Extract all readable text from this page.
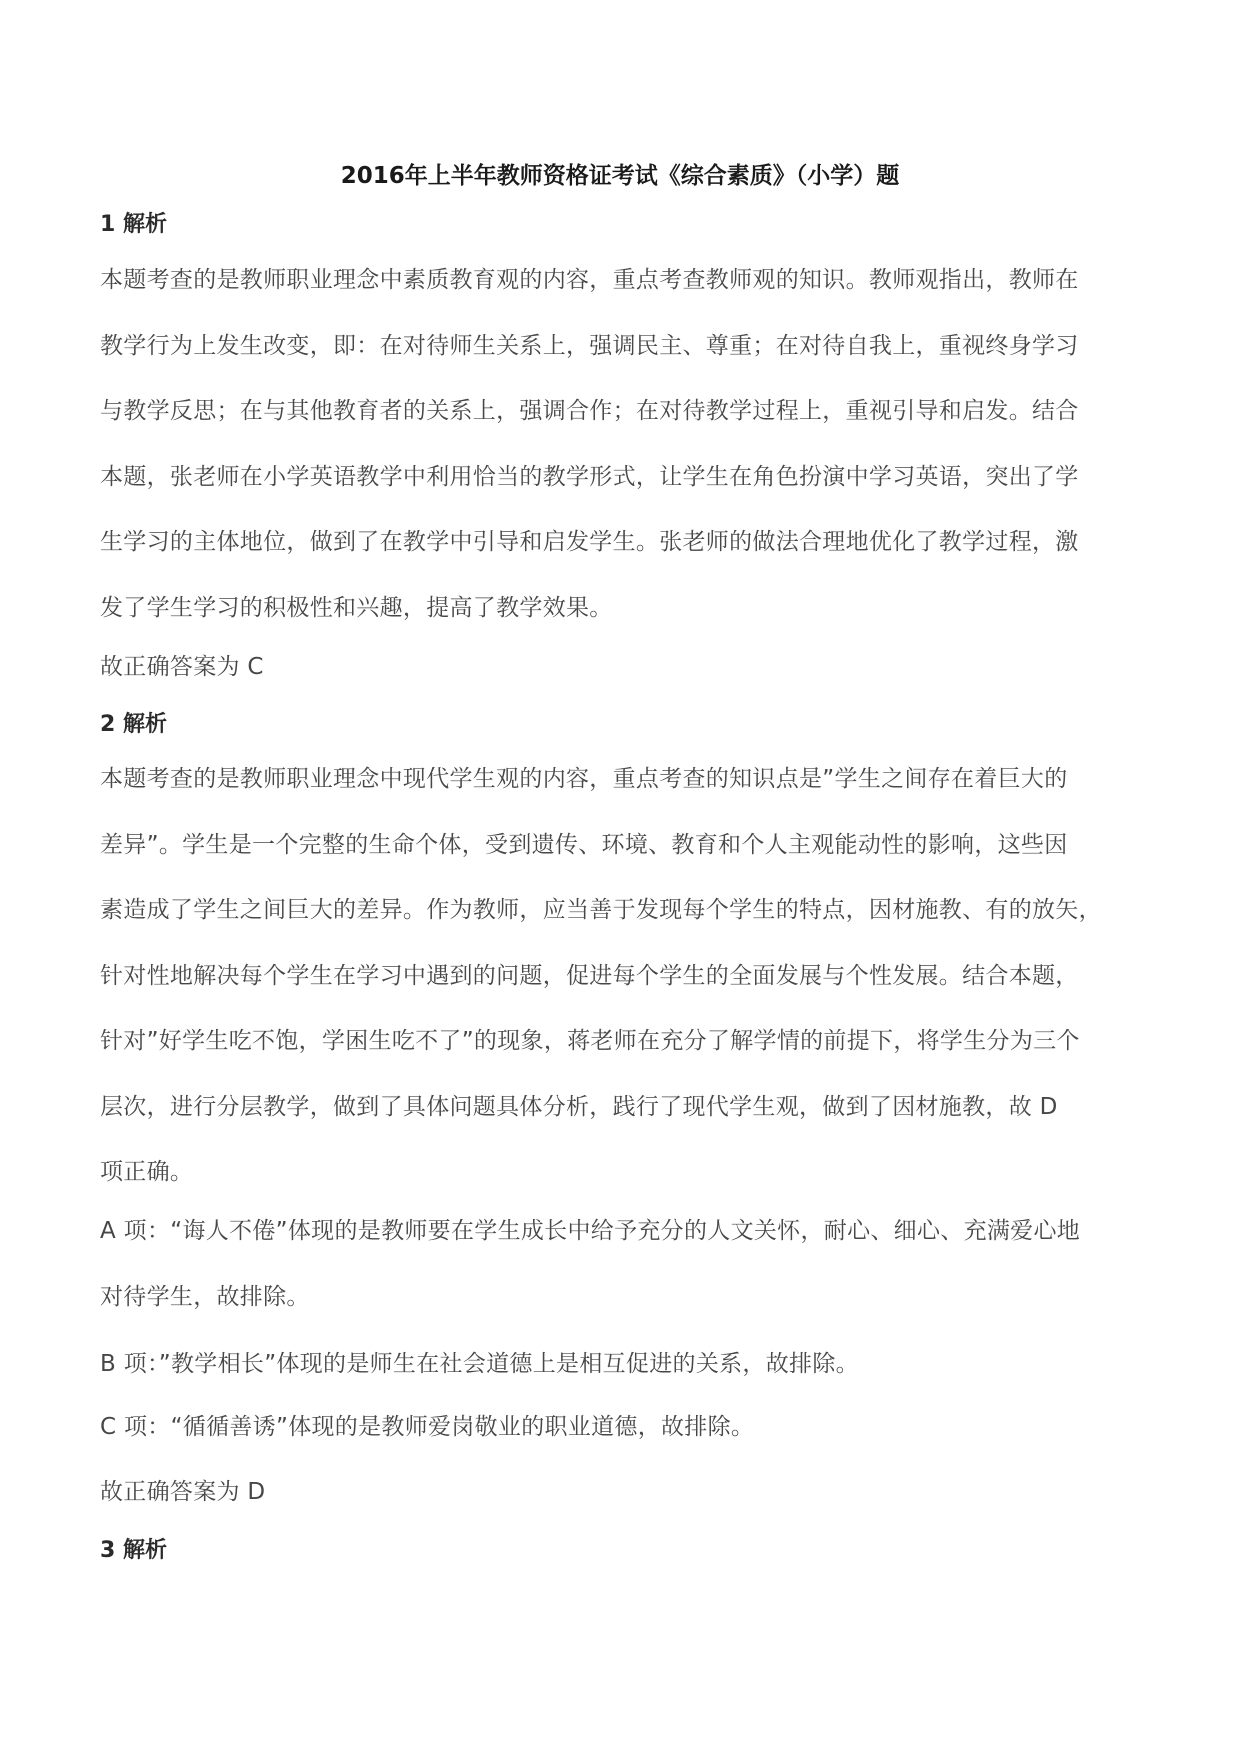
2016年上半年教师资格证考试《综合素质》（小学）题
1 解析
本题考查的是教师职业理念中素质教育观的内容，重点考查教师观的知识。教师观指出，教师在
教学行为上发生改变，即：在对待师生关系上，强调民主、尊重；在对待自我上，重视终身学习
与教学反思；在与其他教育者的关系上，强调合作；在对待教学过程上，重视引导和启发。结合
本题，张老师在小学英语教学中利用恰当的教学形式，让学生在角色扮演中学习英语，突出了学
生学习的主体地位，做到了在教学中引导和启发学生。张老师的做法合理地优化了教学过程，激
发了学生学习的积极性和兴趣，提高了教学效果。
故正确答案为 C
2 解析
本题考查的是教师职业理念中现代学生观的内容，重点考查的知识点是”学生之间存在着巨大的
差异”。学生是一个完整的生命个体，受到遗传、环境、教育和个人主观能动性的影响，这些因
素造成了学生之间巨大的差异。作为教师，应当善于发现每个学生的特点，因材施教、有的放矢，
针对性地解决每个学生在学习中遇到的问题，促进每个学生的全面发展与个性发展。结合本题，
针对”好学生吃不饱，学困生吃不了”的现象，蒋老师在充分了解学情的前提下，将学生分为三个
层次，进行分层教学，做到了具体问题具体分析，践行了现代学生观，做到了因材施教，故 D
项正确。
A 项：“诲人不倦”体现的是教师要在学生成长中给予充分的人文关怀，耐心、细心、充满爱心地
对待学生，故排除。
B 项：”教学相长”体现的是师生在社会道德上是相互促进的关系，故排除。
C 项：“循循善诱”体现的是教师爱岗敬业的职业道德，故排除。
故正确答案为 D
3 解析
